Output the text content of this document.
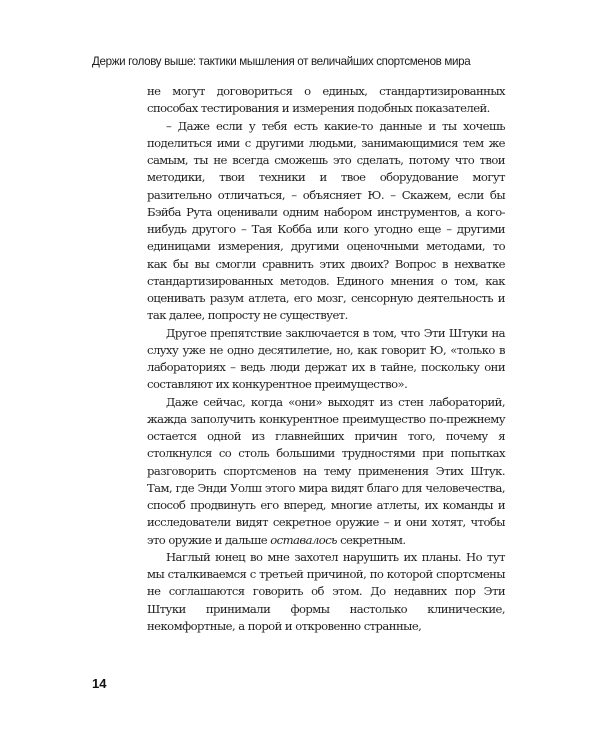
Держи голову выше: тактики мышления от величайших спортсменов мира

не могут договориться о единых, стандартизированных способах тестирования и измерения подобных показателей.

– Даже если у тебя есть какие-то данные и ты хочешь поделиться ими с другими людьми, занимающимися тем же самым, ты не всегда сможешь это сделать, потому что твои методики, твои техники и твое оборудование могут разительно отличаться, – объясняет Ю. – Скажем, если бы Бэйба Рута оценивали одним набором инструментов, а кого-нибудь другого – Тая Кобба или кого угодно еще – другими единицами измерения, другими оценочными методами, то как бы вы смогли сравнить этих двоих? Вопрос в нехватке стандартизированных методов. Единого мнения о том, как оценивать разум атлета, его мозг, сенсорную деятельность и так далее, попросту не существует.

Другое препятствие заключается в том, что Эти Штуки на слуху уже не одно десятилетие, но, как говорит Ю, «только в лабораториях – ведь люди держат их в тайне, поскольку они составляют их конкурентное преимущество».

Даже сейчас, когда «они» выходят из стен лабораторий, жажда заполучить конкурентное преимущество по-прежнему остается одной из главнейших причин того, почему я столкнулся со столь большими трудностями при попытках разговорить спортсменов на тему применения Этих Штук. Там, где Энди Уолш этого мира видят благо для человечества, способ продвинуть его вперед, многие атлеты, их команды и исследователи видят секретное оружие – и они хотят, чтобы это оружие и дальше оставалось секретным.

Наглый юнец во мне захотел нарушить их планы. Но тут мы сталкиваемся с третьей причиной, по которой спортсмены не соглашаются говорить об этом. До недавних пор Эти Штуки принимали формы настолько клинические, некомфортные, а порой и откровенно странные,

14
